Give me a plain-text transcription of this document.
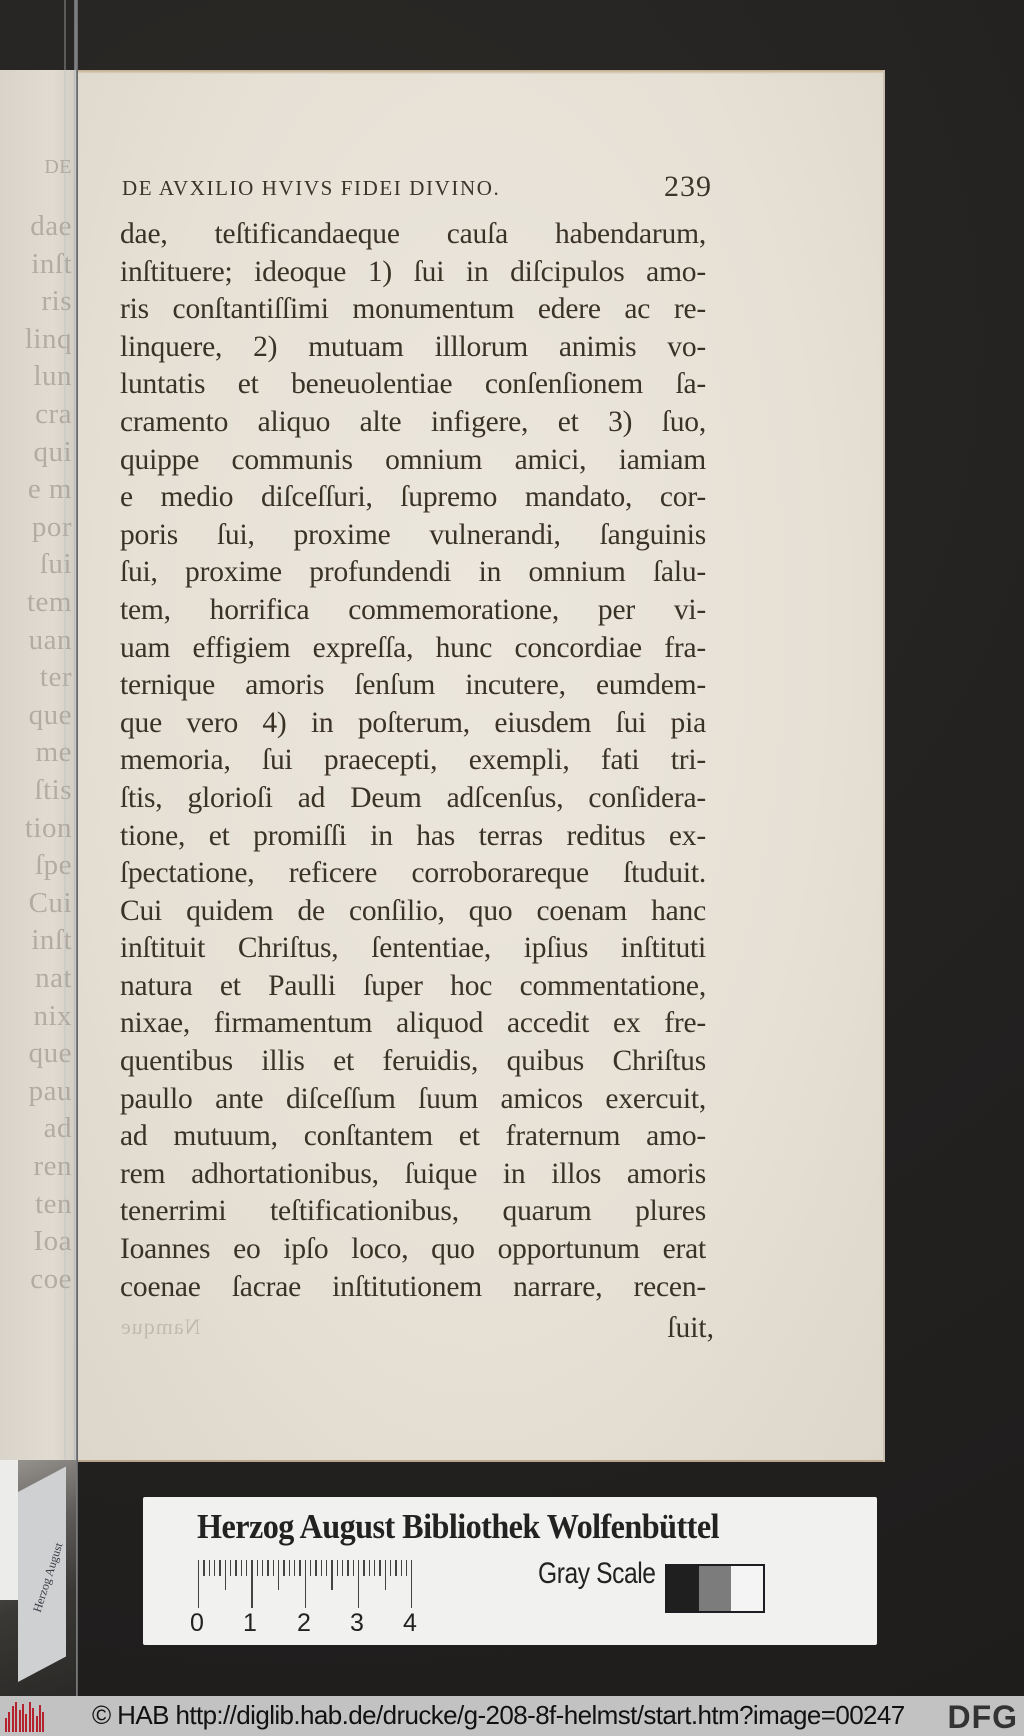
DE
dae
inſt
ris
linq
lun
cra
qui
e m
por
ſui
tem
uan
ter
que
me
ſtis
tion
ſpe
Cui
inſt
nat
nix
que
pau
ad
ren
ten
Ioa
coe
Herzog August
DE AVXILIO HVIVS FIDEI DIVINO.	239
dae, teſtificandaeque cauſa habendarum,
inſtituere; ideoque 1) ſui in diſcipulos amo-
ris conſtantiſſimi monumentum edere ac re-
linquere, 2) mutuam illlorum animis vo-
luntatis et beneuolentiae conſenſionem ſa-
cramento aliquo alte infigere, et 3) ſuo,
quippe communis omnium amici, iamiam
e medio diſceſſuri, ſupremo mandato, cor-
poris ſui, proxime vulnerandi, ſanguinis
ſui, proxime profundendi in omnium ſalu-
tem, horrifica commemoratione, per vi-
uam effigiem expreſſa, hunc concordiae fra-
ternique amoris ſenſum incutere, eumdem-
que vero 4) in poſterum, eiusdem ſui pia
memoria, ſui praecepti, exempli, fati tri-
ſtis, glorioſi ad Deum adſcenſus, conſidera-
tione, et promiſſi in has terras reditus ex-
ſpectatione, reficere corroborareque ſtuduit.
Cui quidem de conſilio, quo coenam hanc
inſtituit Chriſtus, ſententiae, ipſius inſtituti
natura et Paulli ſuper hoc commentatione,
nixae, firmamentum aliquod accedit ex fre-
quentibus illis et feruidis, quibus Chriſtus
paullo ante diſceſſum ſuum amicos exercuit,
ad mutuum, conſtantem et fraternum amo-
rem adhortationibus, ſuique in illos amoris
tenerrimi teſtificationibus, quarum plures
Ioannes eo ipſo loco, quo opportunum erat
coenae ſacrae inſtitutionem narrare, recen-
Namque	ſuit,
Herzog August Bibliothek Wolfenbüttel
0 1 2 3 4
Gray Scale
© HAB http://diglib.hab.de/drucke/g-208-8f-helmst/start.htm?image=00247 DFG
